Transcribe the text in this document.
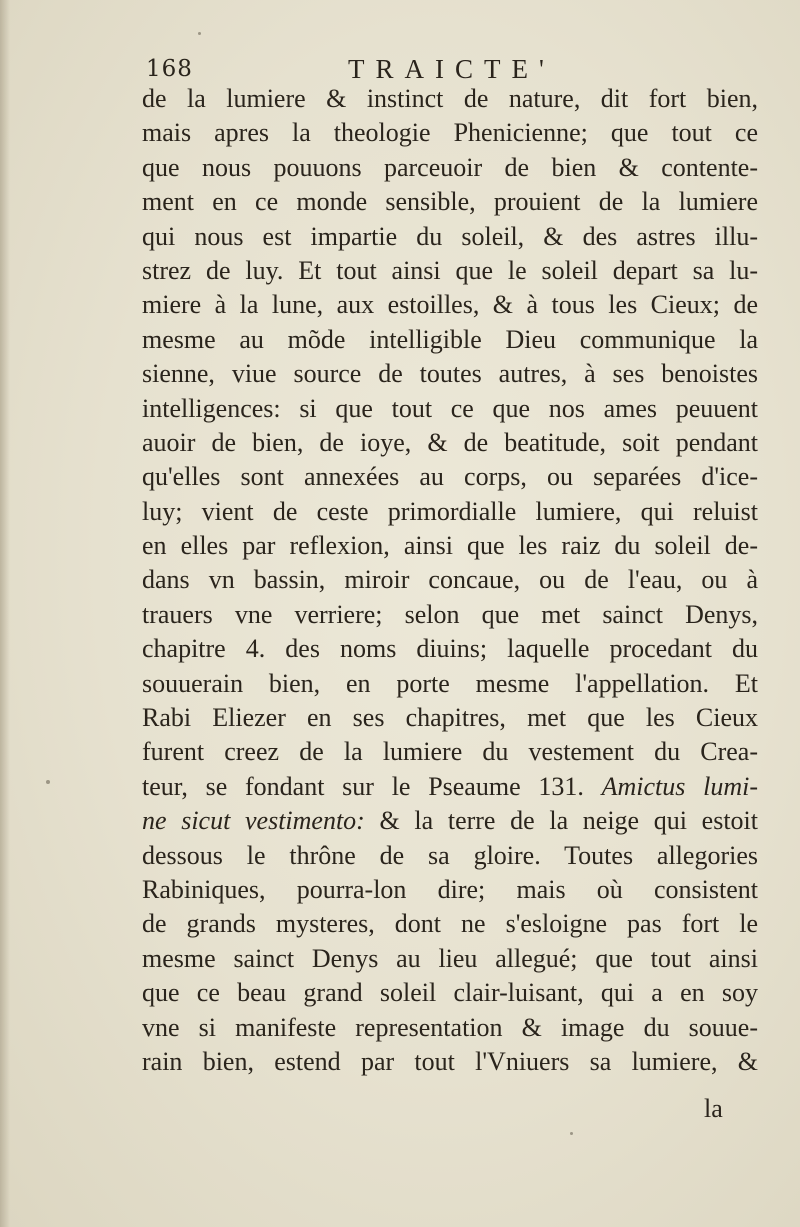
168	TRAICTE'
de la lumiere & instinct de nature, dit fort bien,
mais apres la theologie Phenicienne; que tout ce
que nous pouuons parceuoir de bien & contente-
ment en ce monde sensible, prouient de la lumiere
qui nous est impartie du soleil, & des astres illu-
strez de luy. Et tout ainsi que le soleil depart sa lu-
miere à la lune, aux estoilles, & à tous les Cieux; de
mesme au mõde intelligible Dieu communique la
sienne, viue source de toutes autres, à ses benoistes
intelligences: si que tout ce que nos ames peuuent
auoir de bien, de ioye, & de beatitude, soit pendant
qu'elles sont annexées au corps, ou separées d'ice-
luy; vient de ceste primordialle lumiere, qui reluist
en elles par reflexion, ainsi que les raiz du soleil de-
dans vn bassin, miroir concaue, ou de l'eau, ou à
trauers vne verriere; selon que met sainct Denys,
chapitre 4. des noms diuins; laquelle procedant du
souuerain bien, en porte mesme l'appellation. Et
Rabi Eliezer en ses chapitres, met que les Cieux
furent creez de la lumiere du vestement du Crea-
teur, se fondant sur le Pseaume 131. Amictus lumi-
ne sicut vestimento: & la terre de la neige qui estoit
dessous le thrône de sa gloire. Toutes allegories
Rabiniques, pourra-lon dire; mais où consistent
de grands mysteres, dont ne s'esloigne pas fort le
mesme sainct Denys au lieu allegué; que tout ainsi
que ce beau grand soleil clair-luisant, qui a en soy
vne si manifeste representation & image du souue-
rain bien, estend par tout l'Vniuers sa lumiere, &
la
